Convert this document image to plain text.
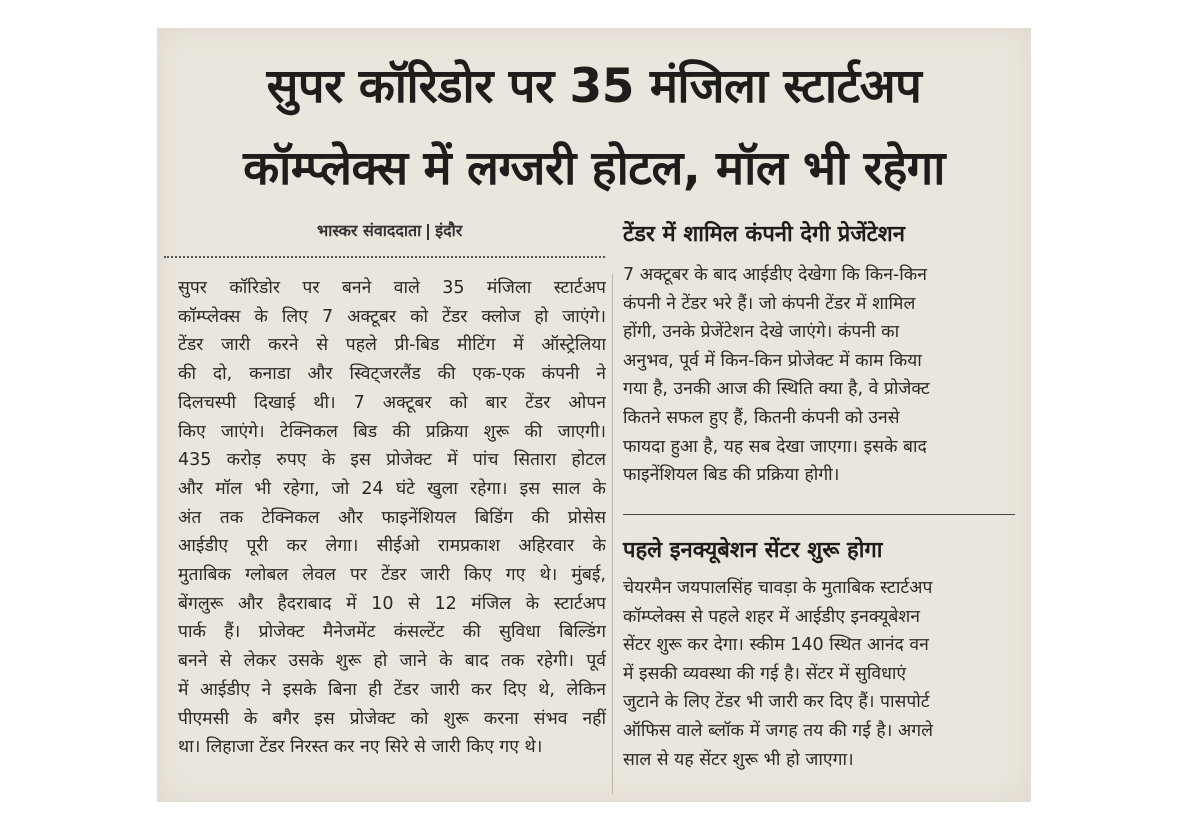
सुपर कॉरिडोर पर 35 मंजिला स्टार्टअप
कॉम्प्लेक्स में लग्जरी होटल, मॉल भी रहेगा
भास्कर संवाददाता इंदौर
सुपर कॉरिडोर पर बनने वाले 35 मंजिला स्टार्टअप
कॉम्प्लेक्स के लिए 7 अक्टूबर को टेंडर क्लोज हो जाएंगे।
टेंडर जारी करने से पहले प्री-बिड मीटिंग में ऑस्ट्रेलिया
की दो, कनाडा और स्विट्जरलैंड की एक-एक कंपनी ने
दिलचस्पी दिखाई थी। 7 अक्टूबर को बार टेंडर ओपन
किए जाएंगे। टेक्निकल बिड की प्रक्रिया शुरू की जाएगी।
435 करोड़ रुपए के इस प्रोजेक्ट में पांच सितारा होटल
और मॉल भी रहेगा, जो 24 घंटे खुला रहेगा। इस साल के
अंत तक टेक्निकल और फाइनेंशियल बिडिंग की प्रोसेस
आईडीए पूरी कर लेगा। सीईओ रामप्रकाश अहिरवार के
मुताबिक ग्लोबल लेवल पर टेंडर जारी किए गए थे। मुंबई,
बेंगलुरू और हैदराबाद में 10 से 12 मंजिल के स्टार्टअप
पार्क हैं। प्रोजेक्ट मैनेजमेंट कंसल्टेंट की सुविधा बिल्डिंग
बनने से लेकर उसके शुरू हो जाने के बाद तक रहेगी। पूर्व
में आईडीए ने इसके बिना ही टेंडर जारी कर दिए थे, लेकिन
पीएमसी के बगैर इस प्रोजेक्ट को शुरू करना संभव नहीं
था। लिहाजा टेंडर निरस्त कर नए सिरे से जारी किए गए थे।
टेंडर में शामिल कंपनी देगी प्रेजेंटेशन
7 अक्टूबर के बाद आईडीए देखेगा कि किन-किन
कंपनी ने टेंडर भरे हैं। जो कंपनी टेंडर में शामिल
होंगी, उनके प्रेजेंटेशन देखे जाएंगे। कंपनी का
अनुभव, पूर्व में किन-किन प्रोजेक्ट में काम किया
गया है, उनकी आज की स्थिति क्या है, वे प्रोजेक्ट
कितने सफल हुए हैं, कितनी कंपनी को उनसे
फायदा हुआ है, यह सब देखा जाएगा। इसके बाद
फाइनेंशियल बिड की प्रक्रिया होगी।
पहले इनक्यूबेशन सेंटर शुरू होगा
चेयरमैन जयपालसिंह चावड़ा के मुताबिक स्टार्टअप
कॉम्प्लेक्स से पहले शहर में आईडीए इनक्यूबेशन
सेंटर शुरू कर देगा। स्कीम 140 स्थित आनंद वन
में इसकी व्यवस्था की गई है। सेंटर में सुविधाएं
जुटाने के लिए टेंडर भी जारी कर दिए हैं। पासपोर्ट
ऑफिस वाले ब्लॉक में जगह तय की गई है। अगले
साल से यह सेंटर शुरू भी हो जाएगा।
